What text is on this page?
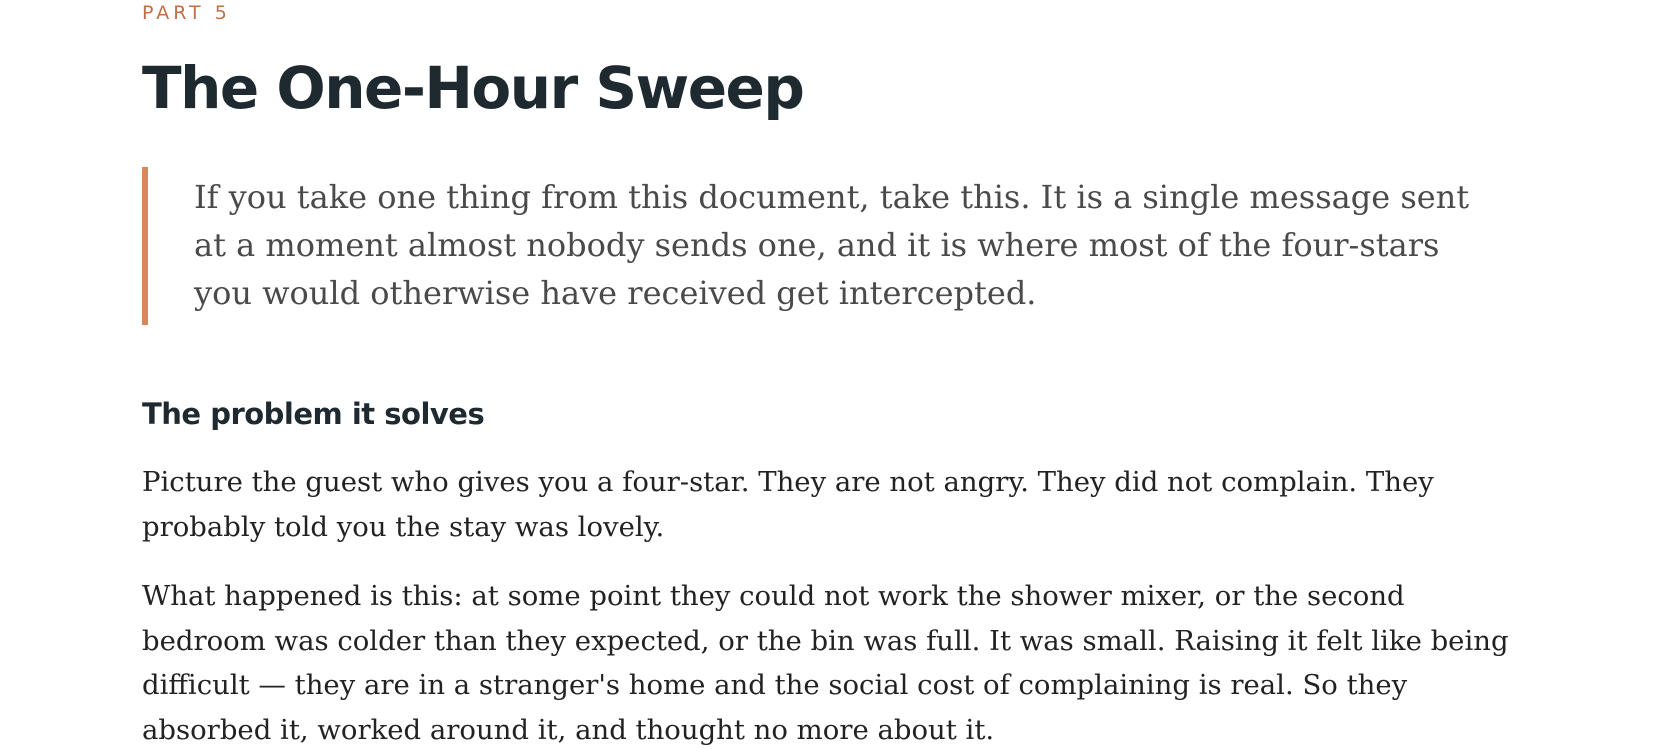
PART 5

The One-Hour Sweep

If you take one thing from this document, take this. It is a single message sent at a moment almost nobody sends one, and it is where most of the four-stars you would otherwise have received get intercepted.

The problem it solves

Picture the guest who gives you a four-star. They are not angry. They did not complain. They probably told you the stay was lovely.

What happened is this: at some point they could not work the shower mixer, or the second bedroom was colder than they expected, or the bin was full. It was small. Raising it felt like being difficult — they are in a stranger's home and the social cost of complaining is real. So they absorbed it, worked around it, and thought no more about it.
